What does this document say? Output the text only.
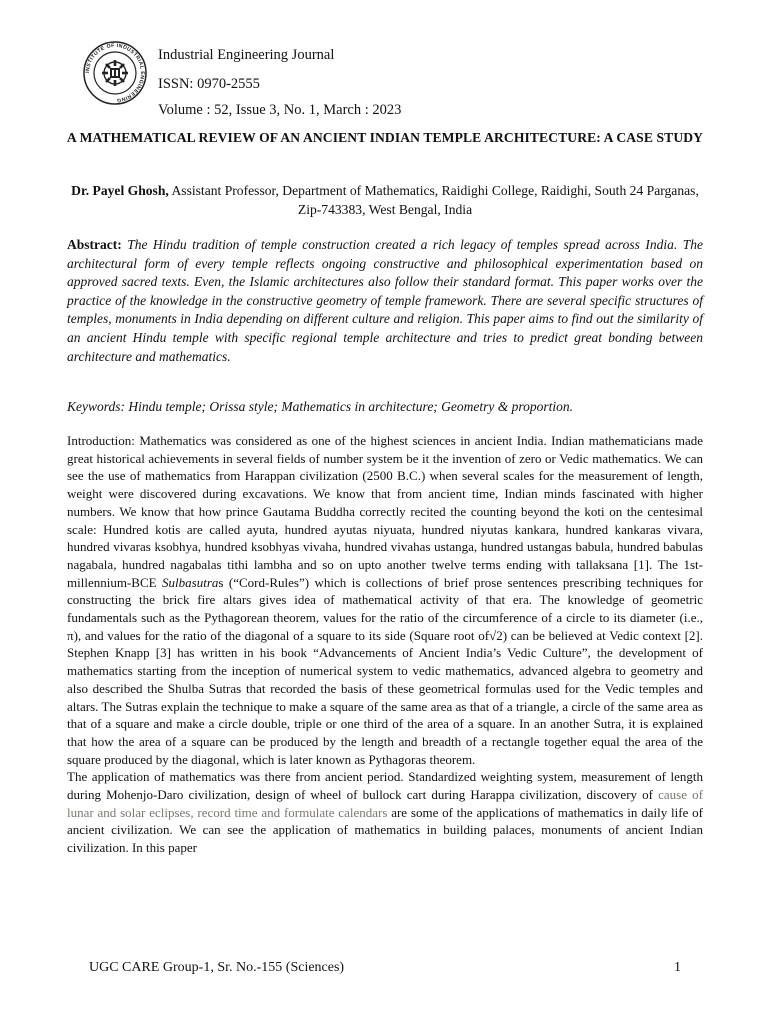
INSTITUTE OF INDUSTRIAL ENGINEERING
Industrial Engineering Journal
ISSN: 0970-2555
Volume : 52, Issue 3, No. 1, March : 2023
A MATHEMATICAL REVIEW OF AN ANCIENT INDIAN TEMPLE ARCHITECTURE: A CASE STUDY
Dr. Payel Ghosh, Assistant Professor, Department of Mathematics, Raidighi College, Raidighi, South 24 Parganas, Zip-743383, West Bengal, India
Abstract: The Hindu tradition of temple construction created a rich legacy of temples spread across India. The architectural form of every temple reflects ongoing constructive and philosophical experimentation based on approved sacred texts. Even, the Islamic architectures also follow their standard format. This paper works over the practice of the knowledge in the constructive geometry of temple framework. There are several specific structures of temples, monuments in India depending on different culture and religion. This paper aims to find out the similarity of an ancient Hindu temple with specific regional temple architecture and tries to predict great bonding between architecture and mathematics.
Keywords: Hindu temple; Orissa style; Mathematics in architecture; Geometry & proportion.

Introduction: Mathematics was considered as one of the highest sciences in ancient India. Indian mathematicians made great historical achievements in several fields of number system be it the invention of zero or Vedic mathematics. We can see the use of mathematics from Harappan civilization (2500 B.C.) when several scales for the measurement of length, weight were discovered during excavations. We know that from ancient time, Indian minds fascinated with higher numbers. We know that how prince Gautama Buddha correctly recited the counting beyond the koti on the centesimal scale: Hundred kotis are called ayuta, hundred ayutas niyuata, hundred niyutas kankara, hundred kankaras vivara, hundred vivaras ksobhya, hundred ksobhyas vivaha, hundred vivahas ustanga, hundred ustangas babula, hundred babulas nagabala, hundred nagabalas tithi lambha and so on upto another twelve terms ending with tallaksana [1]. The 1st-millennium-BCE Sulbasutras (“Cord-Rules”) which is collections of brief prose sentences prescribing techniques for constructing the brick fire altars gives idea of mathematical activity of that era. The knowledge of geometric fundamentals such as the Pythagorean theorem, values for the ratio of the circumference of a circle to its diameter (i.e., π), and values for the ratio of the diagonal of a square to its side (Square root of√2) can be believed at Vedic context [2]. Stephen Knapp [3] has written in his book “Advancements of Ancient India’s Vedic Culture”, the development of mathematics starting from the inception of numerical system to vedic mathematics, advanced algebra to geometry and also described the Shulba Sutras that recorded the basis of these geometrical formulas used for the Vedic temples and altars. The Sutras explain the technique to make a square of the same area as that of a triangle, a circle of the same area as that of a square and make a circle double, triple or one third of the area of a square. In an another Sutra, it is explained that how the area of a square can be produced by the length and breadth of a rectangle together equal the area of the square produced by the diagonal, which is later known as Pythagoras theorem.

The application of mathematics was there from ancient period. Standardized weighting system, measurement of length during Mohenjo-Daro civilization, design of wheel of bullock cart during Harappa civilization, discovery of cause of lunar and solar eclipses, record time and formulate calendars are some of the applications of mathematics in daily life of ancient civilization. We can see the application of mathematics in building palaces, monuments of ancient Indian civilization. In this paper

UGC CARE Group-1, Sr. No.-155 (Sciences)	1
